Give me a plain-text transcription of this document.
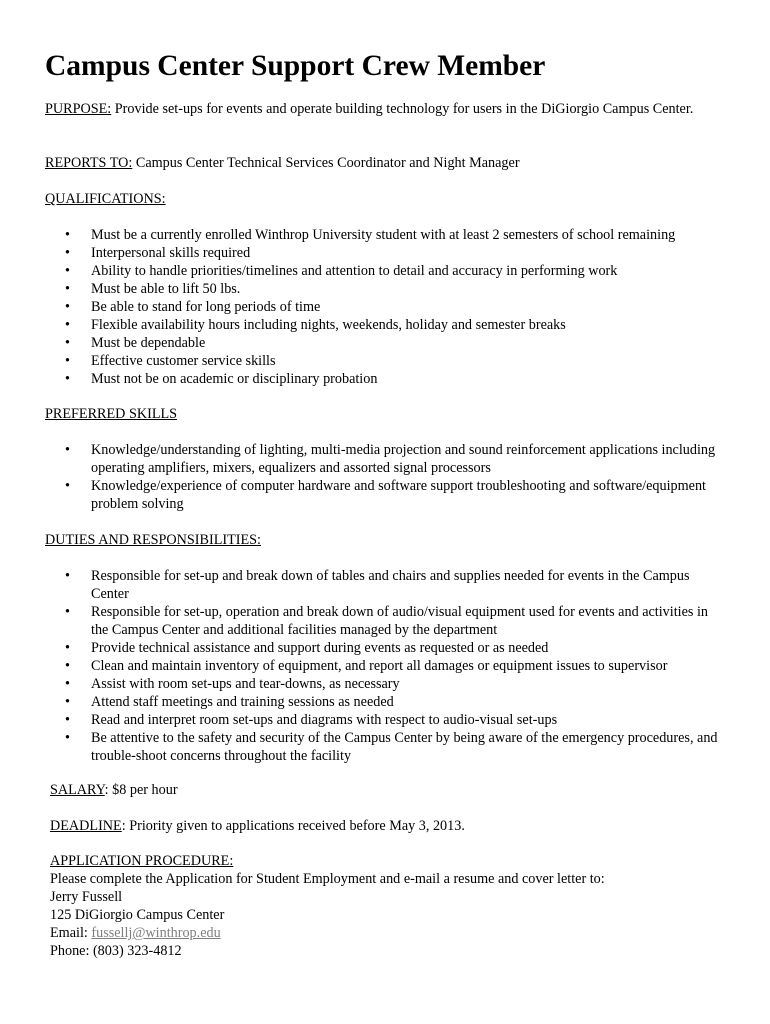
Campus Center Support Crew Member

PURPOSE: Provide set-ups for events and operate building technology for users in the DiGiorgio Campus Center.

REPORTS TO: Campus Center Technical Services Coordinator and Night Manager

QUALIFICATIONS:

• Must be a currently enrolled Winthrop University student with at least 2 semesters of school remaining
• Interpersonal skills required
• Ability to handle priorities/timelines and attention to detail and accuracy in performing work
• Must be able to lift 50 lbs.
• Be able to stand for long periods of time
• Flexible availability hours including nights, weekends, holiday and semester breaks
• Must be dependable
• Effective customer service skills
• Must not be on academic or disciplinary probation

PREFERRED SKILLS

• Knowledge/understanding of lighting, multi-media projection and sound reinforcement applications including operating amplifiers, mixers, equalizers and assorted signal processors
• Knowledge/experience of computer hardware and software support troubleshooting and software/equipment problem solving

DUTIES AND RESPONSIBILITIES:

• Responsible for set-up and break down of tables and chairs and supplies needed for events in the Campus Center
• Responsible for set-up, operation and break down of audio/visual equipment used for events and activities in the Campus Center and additional facilities managed by the department
• Provide technical assistance and support during events as requested or as needed
• Clean and maintain inventory of equipment, and report all damages or equipment issues to supervisor
• Assist with room set-ups and tear-downs, as necessary
• Attend staff meetings and training sessions as needed
• Read and interpret room set-ups and diagrams with respect to audio-visual set-ups
• Be attentive to the safety and security of the Campus Center by being aware of the emergency procedures, and trouble-shoot concerns throughout the facility

SALARY: $8 per hour

DEADLINE: Priority given to applications received before May 3, 2013.

APPLICATION PROCEDURE:
Please complete the Application for Student Employment and e-mail a resume and cover letter to:
Jerry Fussell
125 DiGiorgio Campus Center
Email: fussellj@winthrop.edu
Phone: (803) 323-4812
